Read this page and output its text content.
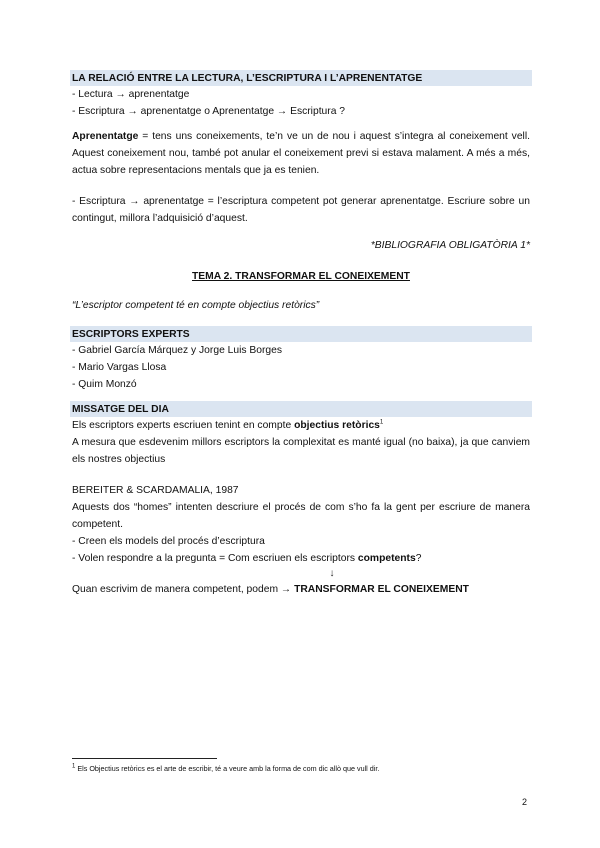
LA RELACIÓ ENTRE LA LECTURA, L’ESCRIPTURA I L’APRENENTATGE
- Lectura → aprenentatge
- Escriptura → aprenentatge o Aprenentatge → Escriptura ?
Aprenentatge = tens uns coneixements, te’n ve un de nou i aquest s’integra al coneixement vell. Aquest coneixement nou, també pot anular el coneixement previ si estava malament. A més a més, actua sobre representacions mentals que ja es tenien.
- Escriptura → aprenentatge = l’escriptura competent pot generar aprenentatge. Escriure sobre un contingut, millora l’adquisició d’aquest.
*BIBLIOGRAFIA OBLIGATÒRIA 1*
TEMA 2. TRANSFORMAR EL CONEIXEMENT
“L’escriptor competent té en compte objectius retòrics”
ESCRIPTORS EXPERTS
- Gabriel García Márquez y Jorge Luis Borges
- Mario Vargas Llosa
- Quim Monzó
MISSATGE DEL DIA
Els escriptors experts escriuen tenint en compte objectius retòrics$^1$
A mesura que esdevenim millors escriptors la complexitat es manté igual (no baixa), ja que canviem els nostres objectius
BEREITER & SCARDAMALIA, 1987
Aquests dos “homes” intenten descriure el procés de com s’ho fa la gent per escriure de manera competent.
- Creen els models del procés d’escriptura
- Volen respondre a la pregunta = Com escriuen els escriptors competents?
↓
Quan escrivim de manera competent, podem → TRANSFORMAR EL CONEIXEMENT
$^1$ Els Objectius retòrics es el arte de escribir, té a veure amb la forma de com dic allò que vull dir.
2
